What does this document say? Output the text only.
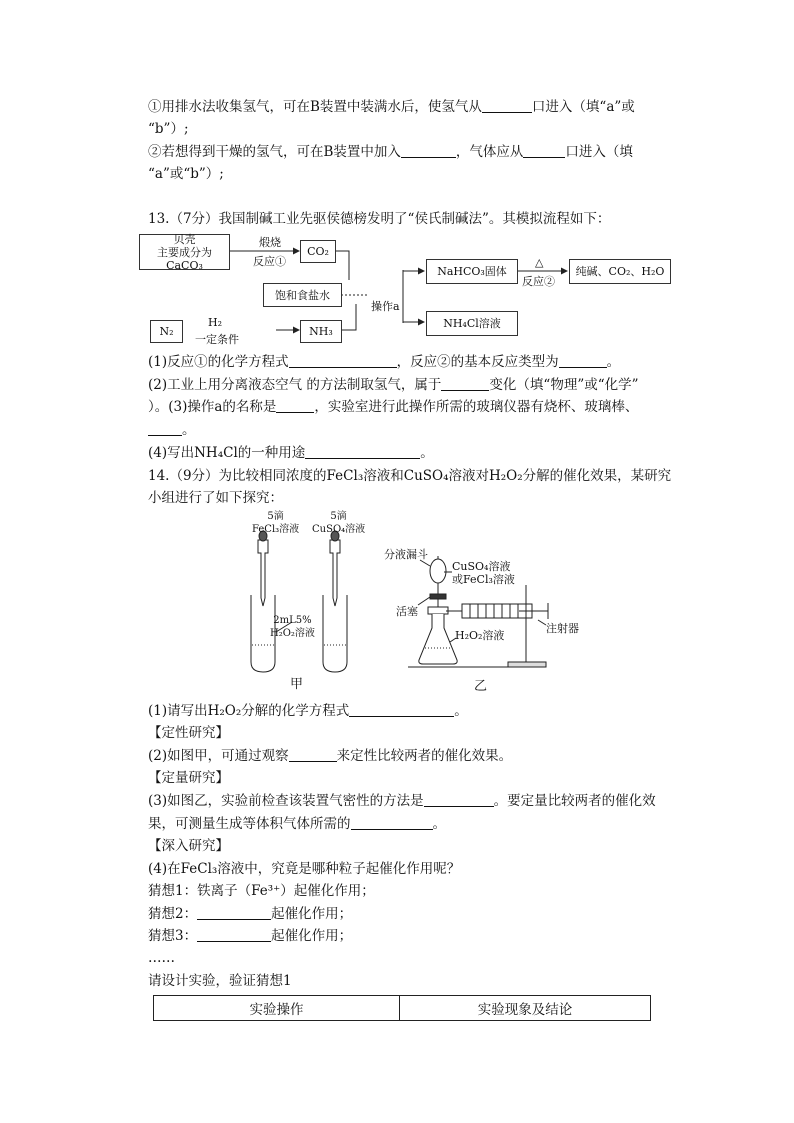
①用排水法收集氢气，可在B装置中装满水后，使氢气从	口进入（填“a”或
“b”）;
②若想得到干燥的氢气，可在B装置中加入	，气体应从	口进入（填
“a”或“b”）;
13.（7分）我国制碱工业先驱侯德榜发明了“侯氏制碱法”。其模拟流程如下：
贝壳
主要成分为CaCO₃
煅烧
反应①
CO₂
饱和食盐水
操作a
NaHCO₃固体
△
反应②
纯碱、CO₂、H₂O
NH₄Cl溶液
N₂
H₂
一定条件
NH₃
(1)反应①的化学方程式	，反应②的基本反应类型为	。
(2)工业上用分离液态空气 的方法制取氢气，属于	变化（填“物理”或“化学”
）。(3)操作a的名称是	，实验室进行此操作所需的玻璃仪器有烧杯、玻璃棒、
。
(4)写出NH₄Cl的一种用途	。
14.（9分）为比较相同浓度的FeCl₃溶液和CuSO₄溶液对H₂O₂分解的催化效果，某研究
小组进行了如下探究：
5滴
FeCl₃溶液
5滴
CuSO₄溶液
2mL5%
H₂O₂溶液
甲
分液漏斗
CuSO₄溶液
或FeCl₃溶液
活塞
H₂O₂溶液
注射器
乙
(1)请写出H₂O₂分解的化学方程式	。
【定性研究】
(2)如图甲，可通过观察	来定性比较两者的催化效果。
【定量研究】
(3)如图乙，实验前检查该装置气密性的方法是	。要定量比较两者的催化效
果，可测量生成等体积气体所需的	。
【深入研究】
(4)在FeCl₃溶液中，究竟是哪种粒子起催化作用呢？
猜想1：铁离子（Fe³⁺）起催化作用；
猜想2：	起催化作用；
猜想3：	起催化作用；
……
请设计实验，验证猜想1
实验操作	实验现象及结论
